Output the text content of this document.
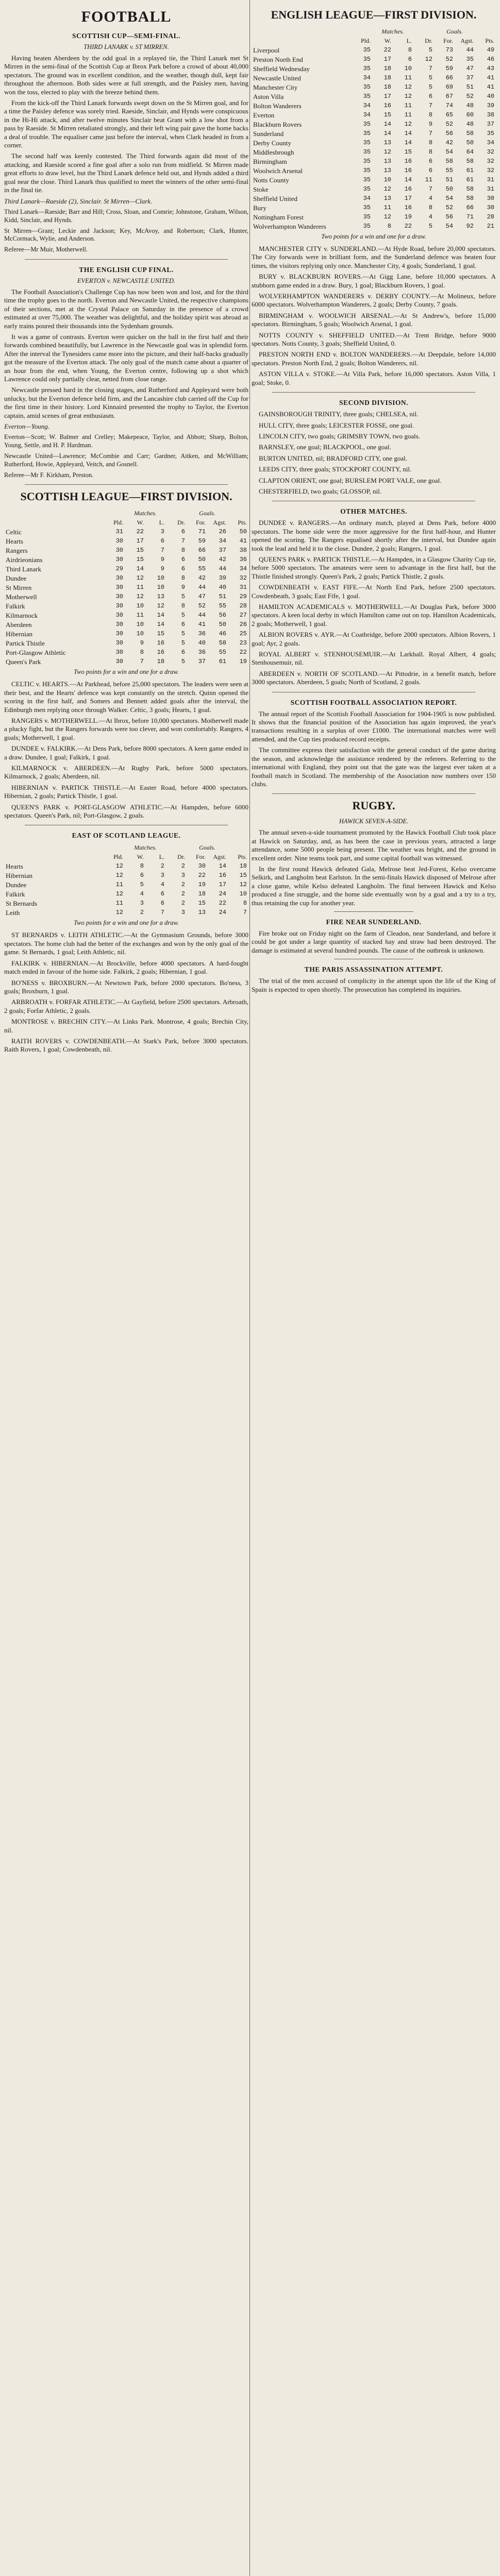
FOOTBALL
SCOTTISH CUP—SEMI-FINAL.
THIRD LANARK v. ST MIRREN.

Having beaten Aberdeen by the odd goal in a replayed tie, the Third Lanark met St Mirren in the semi-final of the Scottish Cup at Ibrox Park before a crowd of about 40,000 spectators. The ground was in excellent condition, and the weather, though dull, kept fair throughout the afternoon. Both sides were at full strength, and the Paisley men, having won the toss, elected to play with the breeze behind them.

From the kick-off the Third Lanark forwards swept down on the St Mirren goal, and for a time the Paisley defence was sorely tried. Raeside, Sinclair, and Hynds were conspicuous in the Hi-Hi attack, and after twelve minutes Sinclair beat Grant with a low shot from a pass by Raeside. St Mirren retaliated strongly, and their left wing pair gave the home backs a deal of trouble. The equaliser came just before the interval, when Clark headed in from a corner.

The second half was keenly contested. The Third forwards again did most of the attacking, and Raeside scored a fine goal after a solo run from midfield. St Mirren made great efforts to draw level, but the Third Lanark defence held out, and Hynds added a third goal near the close. Third Lanark thus qualified to meet the winners of the other semi-final in the final tie.

Third Lanark—Raeside (2), Sinclair. St Mirren—Clark.

Third Lanark—Raeside; Barr and Hill; Cross, Sloan, and Comrie; Johnstone, Graham, Wilson, Kidd, Sinclair, and Hynds.

St Mirren—Grant; Leckie and Jackson; Key, McAvoy, and Robertson; Clark, Hunter, McCormack, Wylie, and Anderson.

Referee—Mr Muir, Motherwell.

THE ENGLISH CUP FINAL.
EVERTON v. NEWCASTLE UNITED.

The Football Association's Challenge Cup has now been won and lost, and for the third time the trophy goes to the north. Everton and Newcastle United, the respective champions of their sections, met at the Crystal Palace on Saturday in the presence of a crowd estimated at over 75,000. The weather was delightful, and the holiday spirit was abroad as early trains poured their thousands into the Sydenham grounds.

It was a game of contrasts. Everton were quicker on the ball in the first half and their forwards combined beautifully, but Lawrence in the Newcastle goal was in splendid form. After the interval the Tynesiders came more into the picture, and their half-backs gradually got the measure of the Everton attack. The only goal of the match came about a quarter of an hour from the end, when Young, the Everton centre, following up a shot which Lawrence could only partially clear, netted from close range.

Newcastle pressed hard in the closing stages, and Rutherford and Appleyard were both unlucky, but the Everton defence held firm, and the Lancashire club carried off the Cup for the first time in their history. Lord Kinnaird presented the trophy to Taylor, the Everton captain, amid scenes of great enthusiasm.

Everton—Young.

Everton—Scott; W. Balmer and Crelley; Makepeace, Taylor, and Abbott; Sharp, Bolton, Young, Settle, and H. P. Hardman.

Newcastle United—Lawrence; McCombie and Carr; Gardner, Aitken, and McWilliam; Rutherford, Howie, Appleyard, Veitch, and Gosnell.

Referee—Mr F. Kirkham, Preston.

SCOTTISH LEAGUE—FIRST DIVISION.
	Matches.				Goals.		
	Pld.	W.	L.	Dr.	For.	Agst.	Pts.
Celtic	31	22	3	6	71	26	50
Hearts	30	17	6	7	59	34	41
Rangers	30	15	7	8	66	37	38
Airdrieonians	30	15	9	6	50	42	36
Third Lanark	29	14	9	6	55	44	34
Dundee	30	12	10	8	42	39	32
St Mirren	30	11	10	9	44	40	31
Motherwell	30	12	13	5	47	51	29
Falkirk	30	10	12	8	52	55	28
Kilmarnock	30	11	14	5	44	56	27
Aberdeen	30	10	14	6	41	50	26
Hibernian	30	10	15	5	36	46	25
Partick Thistle	30	9	16	5	40	58	23
Port-Glasgow Athletic	30	8	16	6	36	55	22
Queen's Park	30	7	18	5	37	61	19
Two points for a win and one for a draw.

CELTIC v. HEARTS.—At Parkhead, before 25,000 spectators. The leaders were seen at their best, and the Hearts' defence was kept constantly on the stretch. Quinn opened the scoring in the first half, and Somers and Bennett added goals after the interval, the Edinburgh men replying once through Walker. Celtic, 3 goals; Hearts, 1 goal.

RANGERS v. MOTHERWELL.—At Ibrox, before 10,000 spectators. Motherwell made a plucky fight, but the Rangers forwards were too clever, and won comfortably. Rangers, 4 goals; Motherwell, 1 goal.

DUNDEE v. FALKIRK.—At Dens Park, before 8000 spectators. A keen game ended in a draw. Dundee, 1 goal; Falkirk, 1 goal.

KILMARNOCK v. ABERDEEN.—At Rugby Park, before 5000 spectators. Kilmarnock, 2 goals; Aberdeen, nil.

HIBERNIAN v. PARTICK THISTLE.—At Easter Road, before 4000 spectators. Hibernian, 2 goals; Partick Thistle, 1 goal.

QUEEN'S PARK v. PORT-GLASGOW ATHLETIC.—At Hampden, before 6000 spectators. Queen's Park, nil; Port-Glasgow, 2 goals.

EAST OF SCOTLAND LEAGUE.
	Matches.				Goals.		
	Pld.	W.	L.	Dr.	For.	Agst.	Pts.
Hearts	12	8	2	2	30	14	18
Hibernian	12	6	3	3	22	16	15
Dundee	11	5	4	2	19	17	12
Falkirk	12	4	6	2	18	24	10
St Bernards	11	3	6	2	15	22	8
Leith	12	2	7	3	13	24	7
Two points for a win and one for a draw.

ST BERNARDS v. LEITH ATHLETIC.—At the Gymnasium Grounds, before 3000 spectators. The home club had the better of the exchanges and won by the only goal of the game. St Bernards, 1 goal; Leith Athletic, nil.

FALKIRK v. HIBERNIAN.—At Brockville, before 4000 spectators. A hard-fought match ended in favour of the home side. Falkirk, 2 goals; Hibernian, 1 goal.

BO'NESS v. BROXBURN.—At Newtown Park, before 2000 spectators. Bo'ness, 3 goals; Broxburn, 1 goal.

ARBROATH v. FORFAR ATHLETIC.—At Gayfield, before 2500 spectators. Arbroath, 2 goals; Forfar Athletic, 2 goals.

MONTROSE v. BRECHIN CITY.—At Links Park. Montrose, 4 goals; Brechin City, nil.

RAITH ROVERS v. COWDENBEATH.—At Stark's Park, before 3000 spectators. Raith Rovers, 1 goal; Cowdenbeath, nil.

ENGLISH LEAGUE—FIRST DIVISION.
	Matches.				Goals.		
	Pld.	W.	L.	Dr.	For.	Agst.	Pts.
Liverpool	35	22	8	5	73	44	49
Preston North End	35	17	6	12	52	35	46
Sheffield Wednesday	35	18	10	7	59	47	43
Newcastle United	34	18	11	5	66	37	41
Manchester City	35	18	12	5	69	51	41
Aston Villa	35	17	12	6	67	52	40
Bolton Wanderers	34	16	11	7	74	48	39
Everton	34	15	11	8	65	60	38
Blackburn Rovers	35	14	12	9	52	48	37
Sunderland	35	14	14	7	56	58	35
Derby County	35	13	14	8	42	50	34
Middlesbrough	35	12	15	8	54	64	32
Birmingham	35	13	16	6	58	58	32
Woolwich Arsenal	35	13	16	6	55	61	32
Notts County	35	10	14	11	51	61	31
Stoke	35	12	16	7	50	58	31
Sheffield United	34	13	17	4	54	58	30
Bury	35	11	16	8	52	66	30
Nottingham Forest	35	12	19	4	56	71	28
Wolverhampton Wanderers	35	8	22	5	54	92	21
Two points for a win and one for a draw.

MANCHESTER CITY v. SUNDERLAND.—At Hyde Road, before 20,000 spectators. The City forwards were in brilliant form, and the Sunderland defence was beaten four times, the visitors replying only once. Manchester City, 4 goals; Sunderland, 1 goal.

BURY v. BLACKBURN ROVERS.—At Gigg Lane, before 10,000 spectators. A stubborn game ended in a draw. Bury, 1 goal; Blackburn Rovers, 1 goal.

WOLVERHAMPTON WANDERERS v. DERBY COUNTY.—At Molineux, before 6000 spectators. Wolverhampton Wanderers, 2 goals; Derby County, 7 goals.

BIRMINGHAM v. WOOLWICH ARSENAL.—At St Andrew's, before 15,000 spectators. Birmingham, 5 goals; Woolwich Arsenal, 1 goal.

NOTTS COUNTY v. SHEFFIELD UNITED.—At Trent Bridge, before 9000 spectators. Notts County, 3 goals; Sheffield United, 0.

PRESTON NORTH END v. BOLTON WANDERERS.—At Deepdale, before 14,000 spectators. Preston North End, 2 goals; Bolton Wanderers, nil.

ASTON VILLA v. STOKE.—At Villa Park, before 16,000 spectators. Aston Villa, 1 goal; Stoke, 0.

SECOND DIVISION.

GAINSBOROUGH TRINITY, three goals; CHELSEA, nil.

HULL CITY, three goals; LEICESTER FOSSE, one goal.

LINCOLN CITY, two goals; GRIMSBY TOWN, two goals.

BARNSLEY, one goal; BLACKPOOL, one goal.

BURTON UNITED, nil; BRADFORD CITY, one goal.

LEEDS CITY, three goals; STOCKPORT COUNTY, nil.

CLAPTON ORIENT, one goal; BURSLEM PORT VALE, one goal.

CHESTERFIELD, two goals; GLOSSOP, nil.

OTHER MATCHES.

DUNDEE v. RANGERS.—An ordinary match, played at Dens Park, before 4000 spectators. The home side were the more aggressive for the first half-hour, and Hunter opened the scoring. The Rangers equalised shortly after the interval, but Dundee again took the lead and held it to the close. Dundee, 2 goals; Rangers, 1 goal.

QUEEN'S PARK v. PARTICK THISTLE.—At Hampden, in a Glasgow Charity Cup tie, before 5000 spectators. The amateurs were seen to advantage in the first half, but the Thistle finished strongly. Queen's Park, 2 goals; Partick Thistle, 2 goals.

COWDENBEATH v. EAST FIFE.—At North End Park, before 2500 spectators. Cowdenbeath, 3 goals; East Fife, 1 goal.

HAMILTON ACADEMICALS v. MOTHERWELL.—At Douglas Park, before 3000 spectators. A keen local derby in which Hamilton came out on top. Hamilton Academicals, 2 goals; Motherwell, 1 goal.

ALBION ROVERS v. AYR.—At Coatbridge, before 2000 spectators. Albion Rovers, 1 goal; Ayr, 2 goals.

ROYAL ALBERT v. STENHOUSEMUIR.—At Larkhall. Royal Albert, 4 goals; Stenhousemuir, nil.

ABERDEEN v. NORTH OF SCOTLAND.—At Pittodrie, in a benefit match, before 3000 spectators. Aberdeen, 5 goals; North of Scotland, 2 goals.

SCOTTISH FOOTBALL ASSOCIATION REPORT.

The annual report of the Scottish Football Association for 1904-1905 is now published. It shows that the financial position of the Association has again improved, the year's transactions resulting in a surplus of over £1000. The international matches were well attended, and the Cup ties produced record receipts.

The committee express their satisfaction with the general conduct of the game during the season, and acknowledge the assistance rendered by the referees. Referring to the international with England, they point out that the gate was the largest ever taken at a football match in Scotland. The membership of the Association now numbers over 150 clubs.

RUGBY.
HAWICK SEVEN-A-SIDE.

The annual seven-a-side tournament promoted by the Hawick Football Club took place at Hawick on Saturday, and, as has been the case in previous years, attracted a large attendance, some 5000 people being present. The weather was bright, and the ground in excellent order. Nine teams took part, and some capital football was witnessed.

In the first round Hawick defeated Gala, Melrose beat Jed-Forest, Kelso overcame Selkirk, and Langholm beat Earlston. In the semi-finals Hawick disposed of Melrose after a close game, while Kelso defeated Langholm. The final between Hawick and Kelso produced a fine struggle, and the home side eventually won by a goal and a try to a try, thus retaining the cup for another year.

FIRE NEAR SUNDERLAND.

Fire broke out on Friday night on the farm of Cleadon, near Sunderland, and before it could be got under a large quantity of stacked hay and straw had been destroyed. The damage is estimated at several hundred pounds. The cause of the outbreak is unknown.

THE PARIS ASSASSINATION ATTEMPT.

The trial of the men accused of complicity in the attempt upon the life of the King of Spain is expected to open shortly. The prosecution has completed its inquiries.
